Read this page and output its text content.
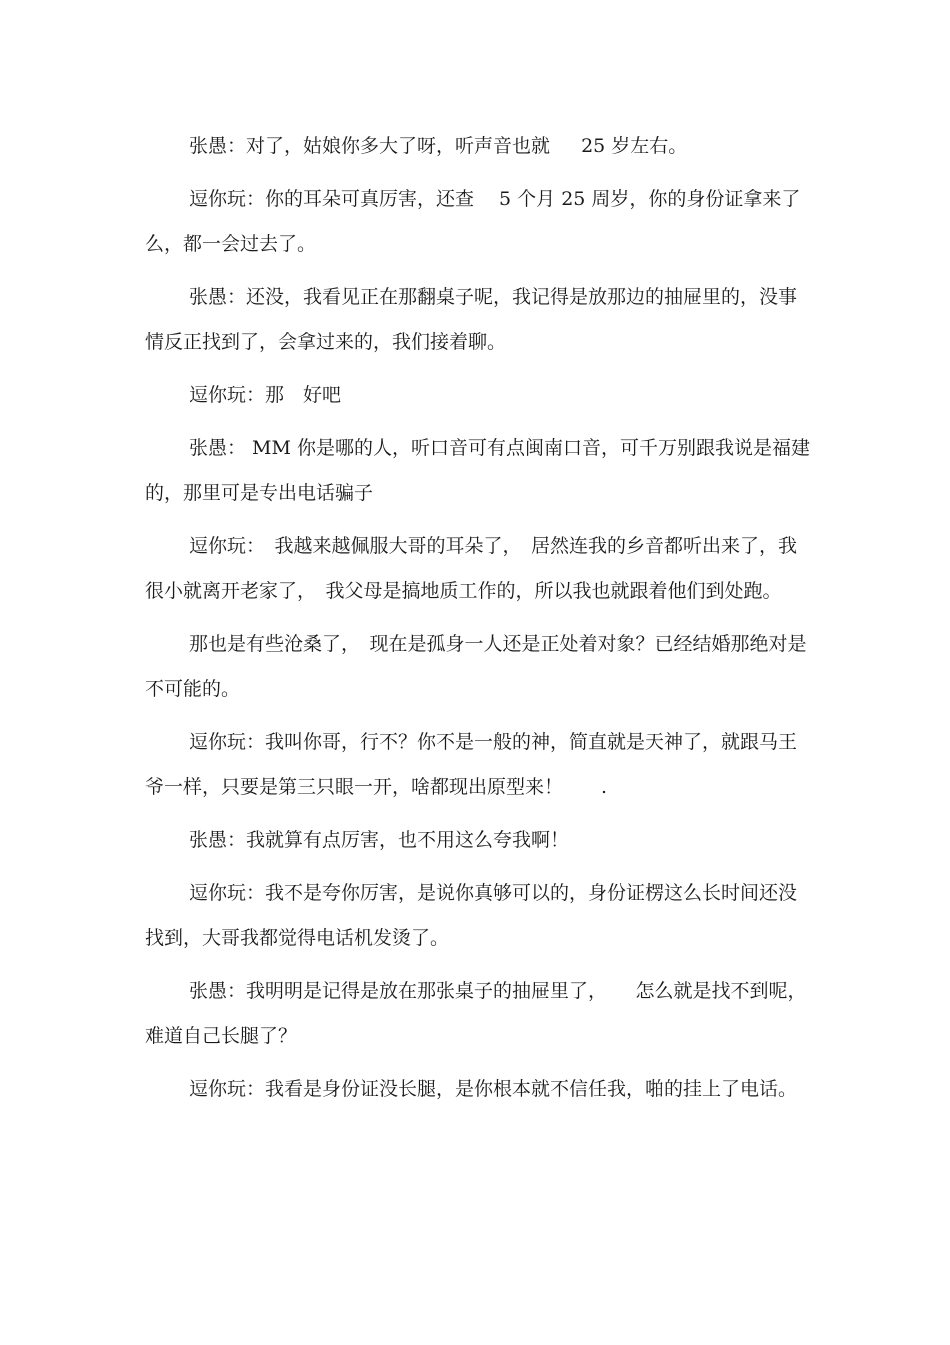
张愚：对了，姑娘你多大了呀，听声音也就　  25 岁左右。

逗你玩：你的耳朵可真厉害，还查　 5 个月 25 周岁，你的身份证拿来了么，都一会过去了。

张愚：还没，我看见正在那翻桌子呢，我记得是放那边的抽屉里的，没事情反正找到了，会拿过来的，我们接着聊。

逗你玩：那　好吧

张愚： MM 你是哪的人，听口音可有点闽南口音，可千万别跟我说是福建的，那里可是专出电话骗子

逗你玩：　我越来越佩服大哥的耳朵了，　居然连我的乡音都听出来了，我很小就离开老家了，　我父母是搞地质工作的，所以我也就跟着他们到处跑。

那也是有些沧桑了，　现在是孤身一人还是正处着对象？已经结婚那绝对是不可能的。

逗你玩：我叫你哥，行不？你不是一般的神，简直就是天神了，就跟马王爷一样，只要是第三只眼一开，啥都现出原型来！　　.

张愚：我就算有点厉害，也不用这么夸我啊！

逗你玩：我不是夸你厉害，是说你真够可以的，身份证楞这么长时间还没找到，大哥我都觉得电话机发烫了。

张愚：我明明是记得是放在那张桌子的抽屉里了，　　怎么就是找不到呢，难道自己长腿了？

逗你玩：我看是身份证没长腿，是你根本就不信任我，啪的挂上了电话。
